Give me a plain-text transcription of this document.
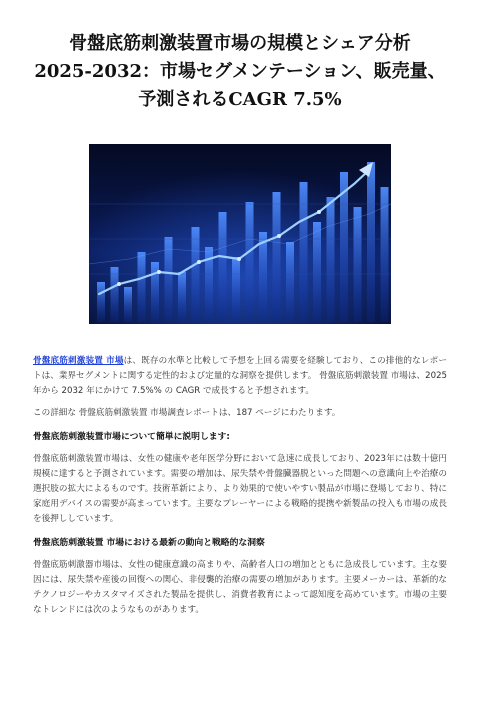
骨盤底筋刺激装置市場の規模とシェア分析
2025-2032：市場セグメンテーション、販売量、
予測されるCAGR 7.5%

骨盤底筋刺激装置 市場は、既存の水準と比較して予想を上回る需要を経験しており、この排他的なレポートは、業界セグメントに関する定性的および定量的な洞察を提供します。 骨盤底筋刺激装置 市場は、2025 年から 2032 年にかけて 7.5%% の CAGR で成長すると予想されます。

この詳細な 骨盤底筋刺激装置 市場調査レポートは、187 ページにわたります。

骨盤底筋刺激装置市場について簡単に説明します:

骨盤底筋刺激装置市場は、女性の健康や老年医学分野において急速に成長しており、2023年には数十億円規模に達すると予測されています。需要の増加は、尿失禁や骨盤臓器脱といった問題への意識向上や治療の選択肢の拡大によるものです。技術革新により、より効果的で使いやすい製品が市場に登場しており、特に家庭用デバイスの需要が高まっています。主要なプレーヤーによる戦略的提携や新製品の投入も市場の成長を後押ししています。

骨盤底筋刺激装置 市場における最新の動向と戦略的な洞察

骨盤底筋刺激器市場は、女性の健康意識の高まりや、高齢者人口の増加とともに急成長しています。主な要因には、尿失禁や産後の回復への関心、非侵襲的治療の需要の増加があります。主要メーカーは、革新的なテクノロジーやカスタマイズされた製品を提供し、消費者教育によって認知度を高めています。市場の主要なトレンドには次のようなものがあります。
